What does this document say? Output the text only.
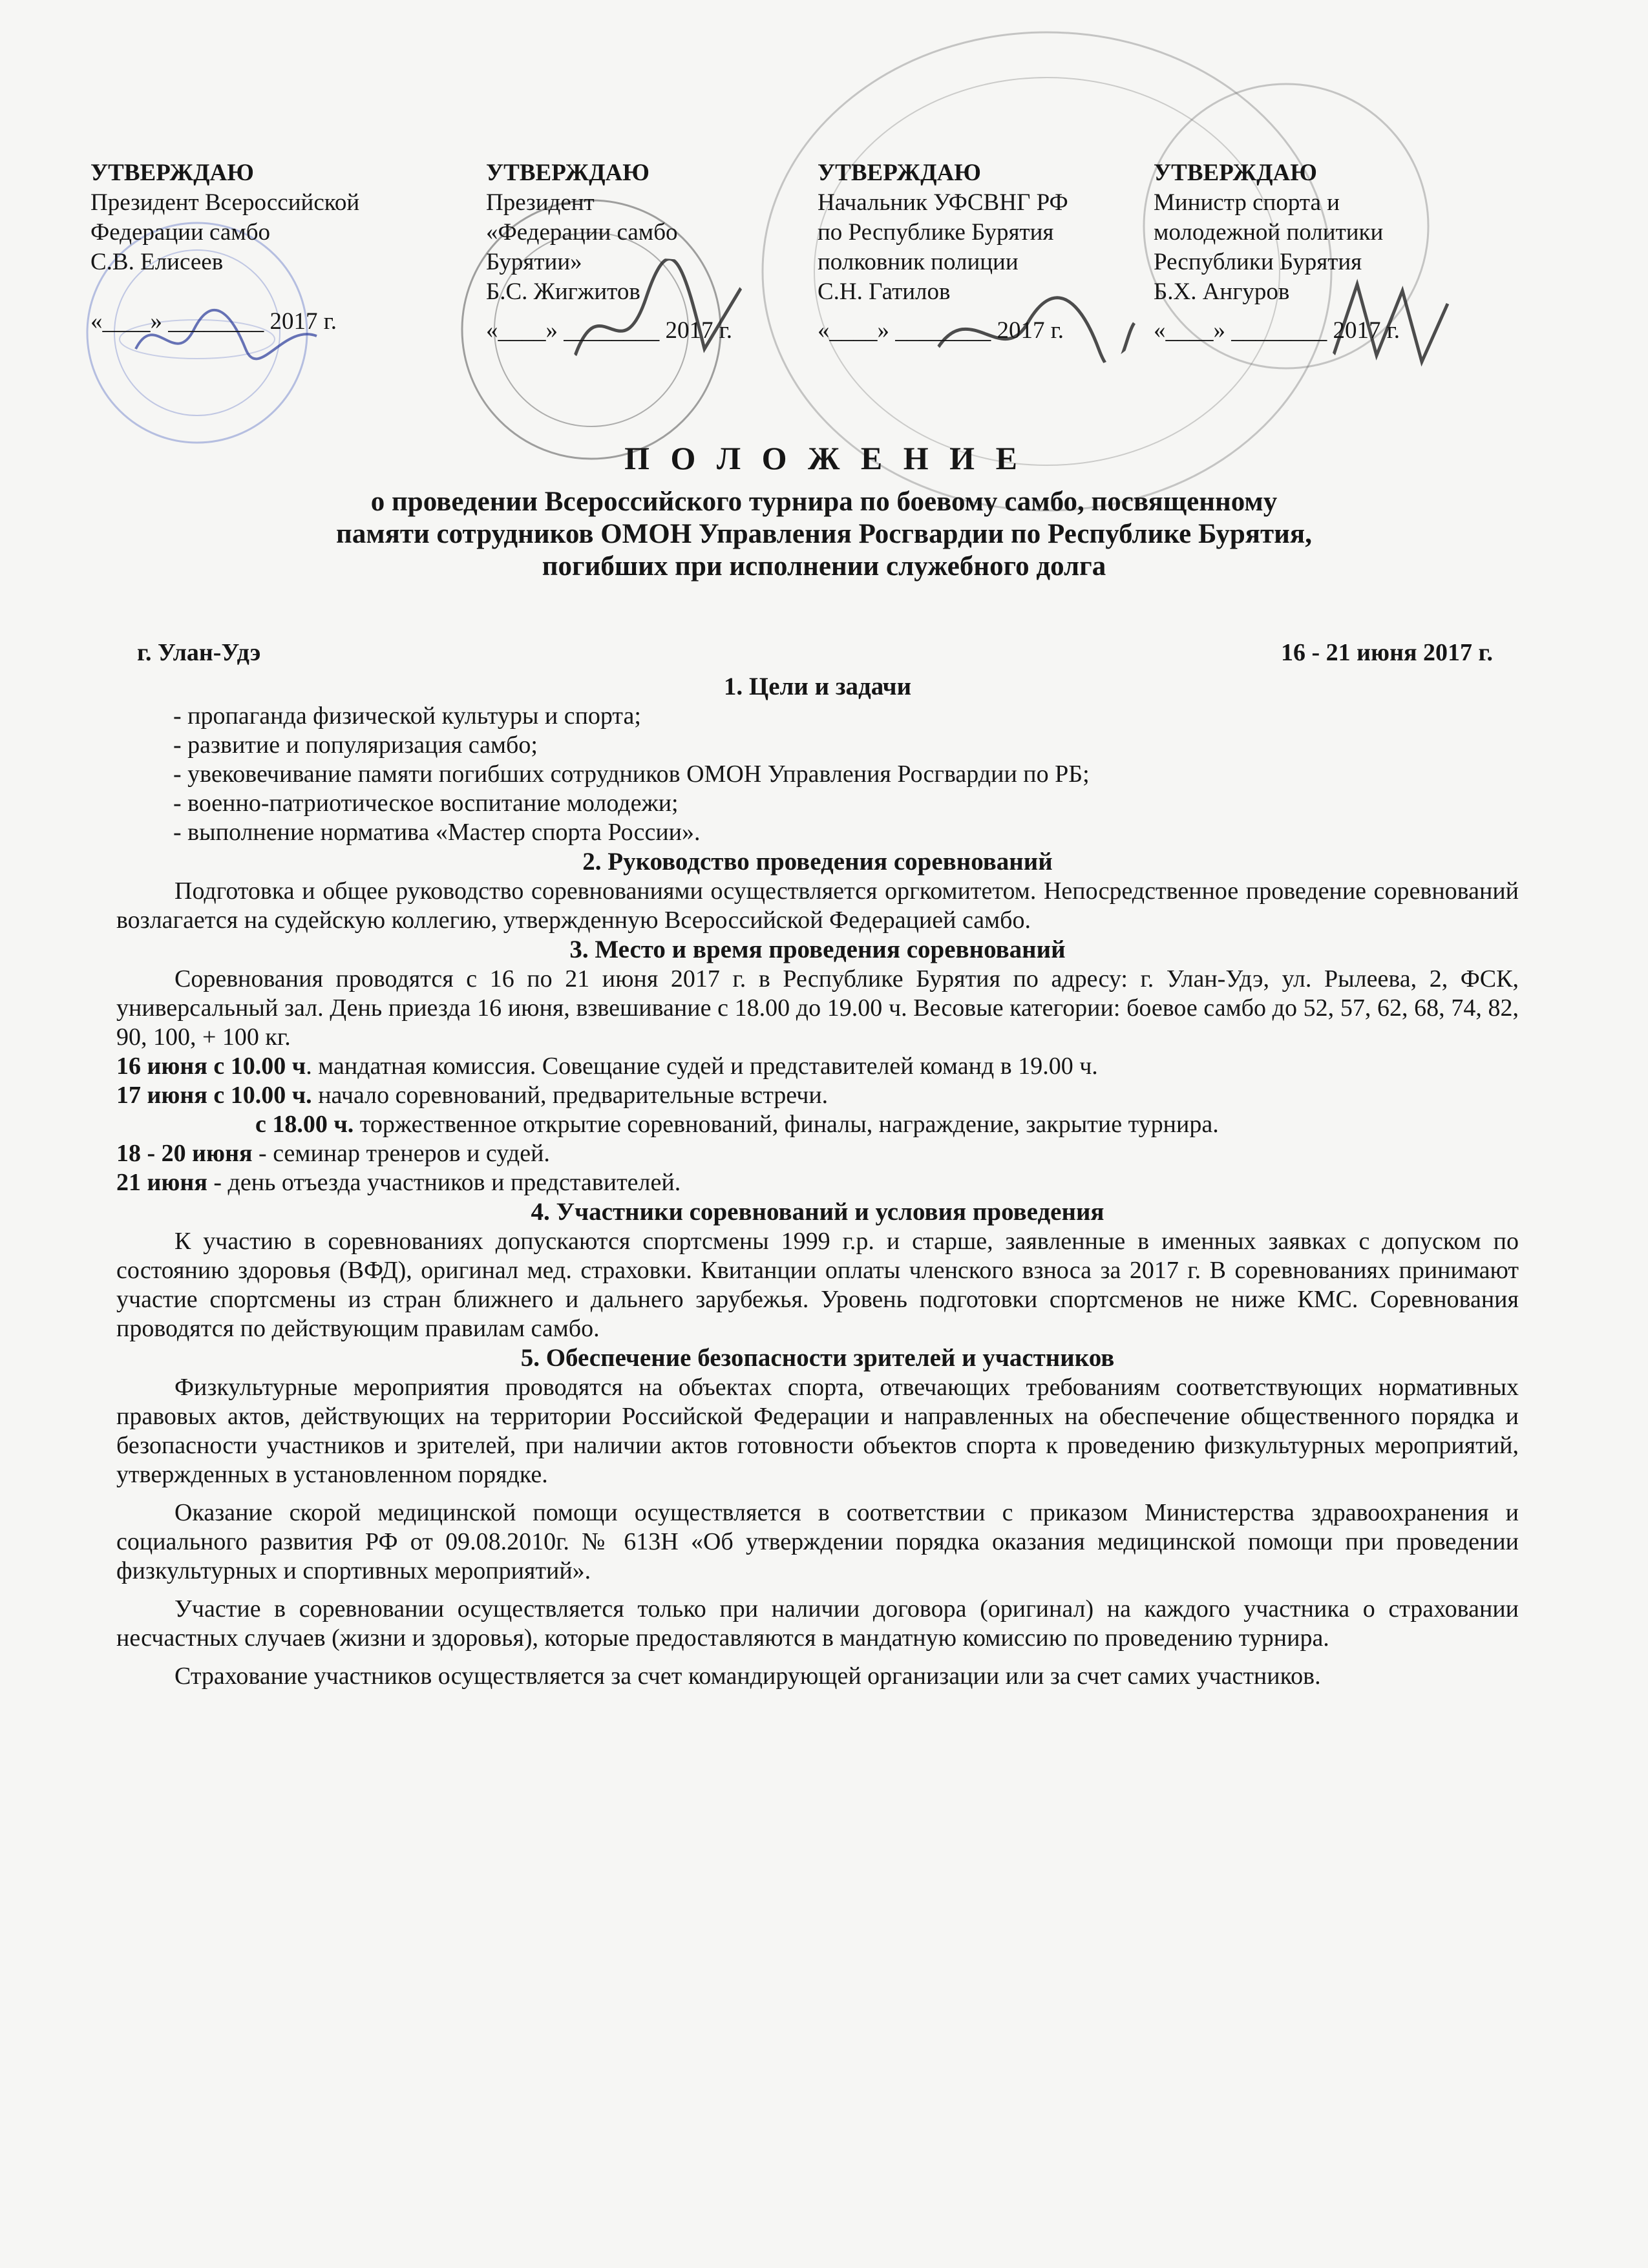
УТВЕРЖДАЮ
Президент Всероссийской
Федерации самбо
С.В. Елисеев

«____» ________ 2017 г.
УТВЕРЖДАЮ
Президент
«Федерации самбо
Бурятии»
Б.С. Жигжитов
«____» ________ 2017 г.
УТВЕРЖДАЮ
Начальник УФСВНГ РФ
по Республике Бурятия
полковник полиции
С.Н. Гатилов
«____» ________ 2017 г.
УТВЕРЖДАЮ
Министр спорта и
молодежной политики
Республики Бурятия
Б.Х. Ангуров
«____» ________ 2017 г.
П О Л О Ж Е Н И Е
о проведении Всероссийского турнира по боевому самбо, посвященному
памяти сотрудников ОМОН Управления Росгвардии по Республике Бурятия,
погибших при исполнении служебного долга
г. Улан-Удэ	16 - 21 июня 2017 г.
1. Цели и задачи

- пропаганда физической культуры и спорта;

- развитие и популяризация самбо;

- увековечивание памяти погибших сотрудников ОМОН Управления Росгвардии по РБ;

- военно-патриотическое воспитание молодежи;

- выполнение норматива «Мастер спорта России».

2. Руководство проведения соревнований

Подготовка и общее руководство соревнованиями осуществляется оргкомитетом. Непосредственное проведение соревнований возлагается на судейскую коллегию, утвержденную Всероссийской Федерацией самбо.

3. Место и время проведения соревнований

Соревнования проводятся с 16 по 21 июня 2017 г. в Республике Бурятия по адресу: г. Улан-Удэ, ул. Рылеева, 2, ФСК, универсальный зал. День приезда 16 июня, взвешивание с 18.00 до 19.00 ч. Весовые категории: боевое самбо до 52, 57, 62, 68, 74, 82, 90, 100, + 100 кг.

16 июня с 10.00 ч. мандатная комиссия. Совещание судей и представителей команд в 19.00 ч.

17 июня с 10.00 ч. начало соревнований, предварительные встречи.

с 18.00 ч. торжественное открытие соревнований, финалы, награждение, закрытие турнира.

18 - 20 июня - семинар тренеров и судей.

21 июня - день отъезда участников и представителей.

4. Участники соревнований и условия проведения

К участию в соревнованиях допускаются спортсмены 1999 г.р. и старше, заявленные в именных заявках с допуском по состоянию здоровья (ВФД), оригинал мед. страховки. Квитанции оплаты членского взноса за 2017 г. В соревнованиях принимают участие спортсмены из стран ближнего и дальнего зарубежья. Уровень подготовки спортсменов не ниже КМС. Соревнования проводятся по действующим правилам самбо.

5. Обеспечение безопасности зрителей и участников

Физкультурные мероприятия проводятся на объектах спорта, отвечающих требованиям соответствующих нормативных правовых актов, действующих на территории Российской Федерации и направленных на обеспечение общественного порядка и безопасности участников и зрителей, при наличии актов готовности объектов спорта к проведению физкультурных мероприятий, утвержденных в установленном порядке.

Оказание скорой медицинской помощи осуществляется в соответствии с приказом Министерства здравоохранения и социального развития РФ от 09.08.2010г. № 613Н «Об утверждении порядка оказания медицинской помощи при проведении физкультурных и спортивных мероприятий».

Участие в соревновании осуществляется только при наличии договора (оригинал) на каждого участника о страховании несчастных случаев (жизни и здоровья), которые предоставляются в мандатную комиссию по проведению турнира.

Страхование участников осуществляется за счет командирующей организации или за счет самих участников.
